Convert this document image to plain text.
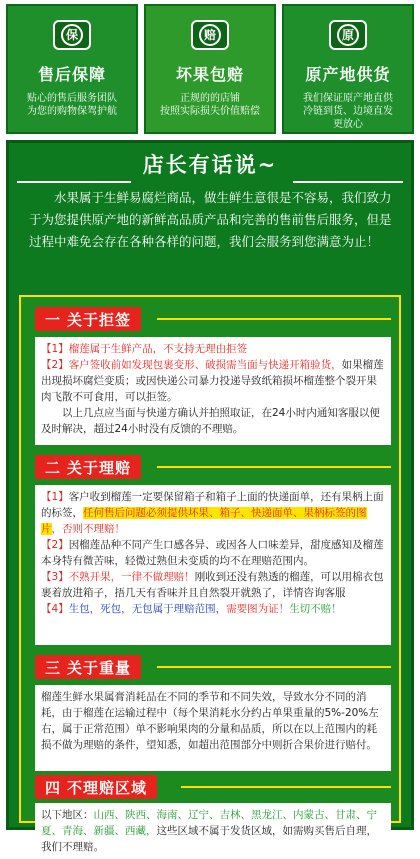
保
售后保障
贴心的售后服务团队
为您的购物保驾护航
赔
坏果包赔
正规的的店铺
按照实际损失价值赔偿
原
原产地供货
我们保证原产地直供
冷链到货、边境直发
更放心
店长有话说~
水果属于生鲜易腐烂商品，做生鲜生意很是不容易，我们致力于为您提供原产地的新鲜高品质产品和完善的售前售后服务，但是过程中难免会存在各种各样的问题，我们会服务到您满意为止！
一 关于 拒签

【1】榴莲属于生鲜产品，不支持无理由拒签

【2】客户签收前如发现包裹变形、破损需当面与快递开箱验货，如果榴莲出现损坏腐烂变质；或因快递公司暴力投递导致纸箱损坏榴莲整个裂开果肉飞散不可食用，可以拒签。

以上几点应当面与快递方确认并拍照取证，在24小时内通知客服以便及时解决，超过24小时没有反馈的不理赔。

二 关于 理赔

【1】客户收到榴莲一定要保留箱子和箱子上面的快递面单，还有果柄上面的标签，任何售后问题必须提供坏果、箱子、快递面单、果柄标签的图片，否则不理赔！

【2】因榴莲品种不同产生口感各异、或因各人口味差异，甜度感知及榴莲本身特有微苦味，轻微过熟但未变质的均不在理赔范围内。

【3】不熟开果，一律不做理赔！刚收到还没有熟透的榴莲，可以用棉衣包裹着放进箱子，捂几天有香味并且自然裂开就熟了，详情咨询客服

【4】生包，死包，无包属于理赔范围，需要图为证！生切不赔！

三 关于 重量

榴莲生鲜水果属膏消耗品在不同的季节和不同失效，导致水分不同的消耗，由于榴莲在运输过程中（每个果消耗水分约占单果重量的5%-20%左右，属于正常范围）单不影响果肉的分量和品质，所以在以上范围内的耗损不做为理赔的条件，望知悉，如超出范围部分中则折合果价进行赔付。

四 不理赔区域

以下地区：山西、陕西、海南、辽宁、吉林、黑龙江、内蒙古、甘肃、宁夏、青海、新疆、西藏，这些区域不属于发货区域，如需购买售后自理，我们不理赔。
